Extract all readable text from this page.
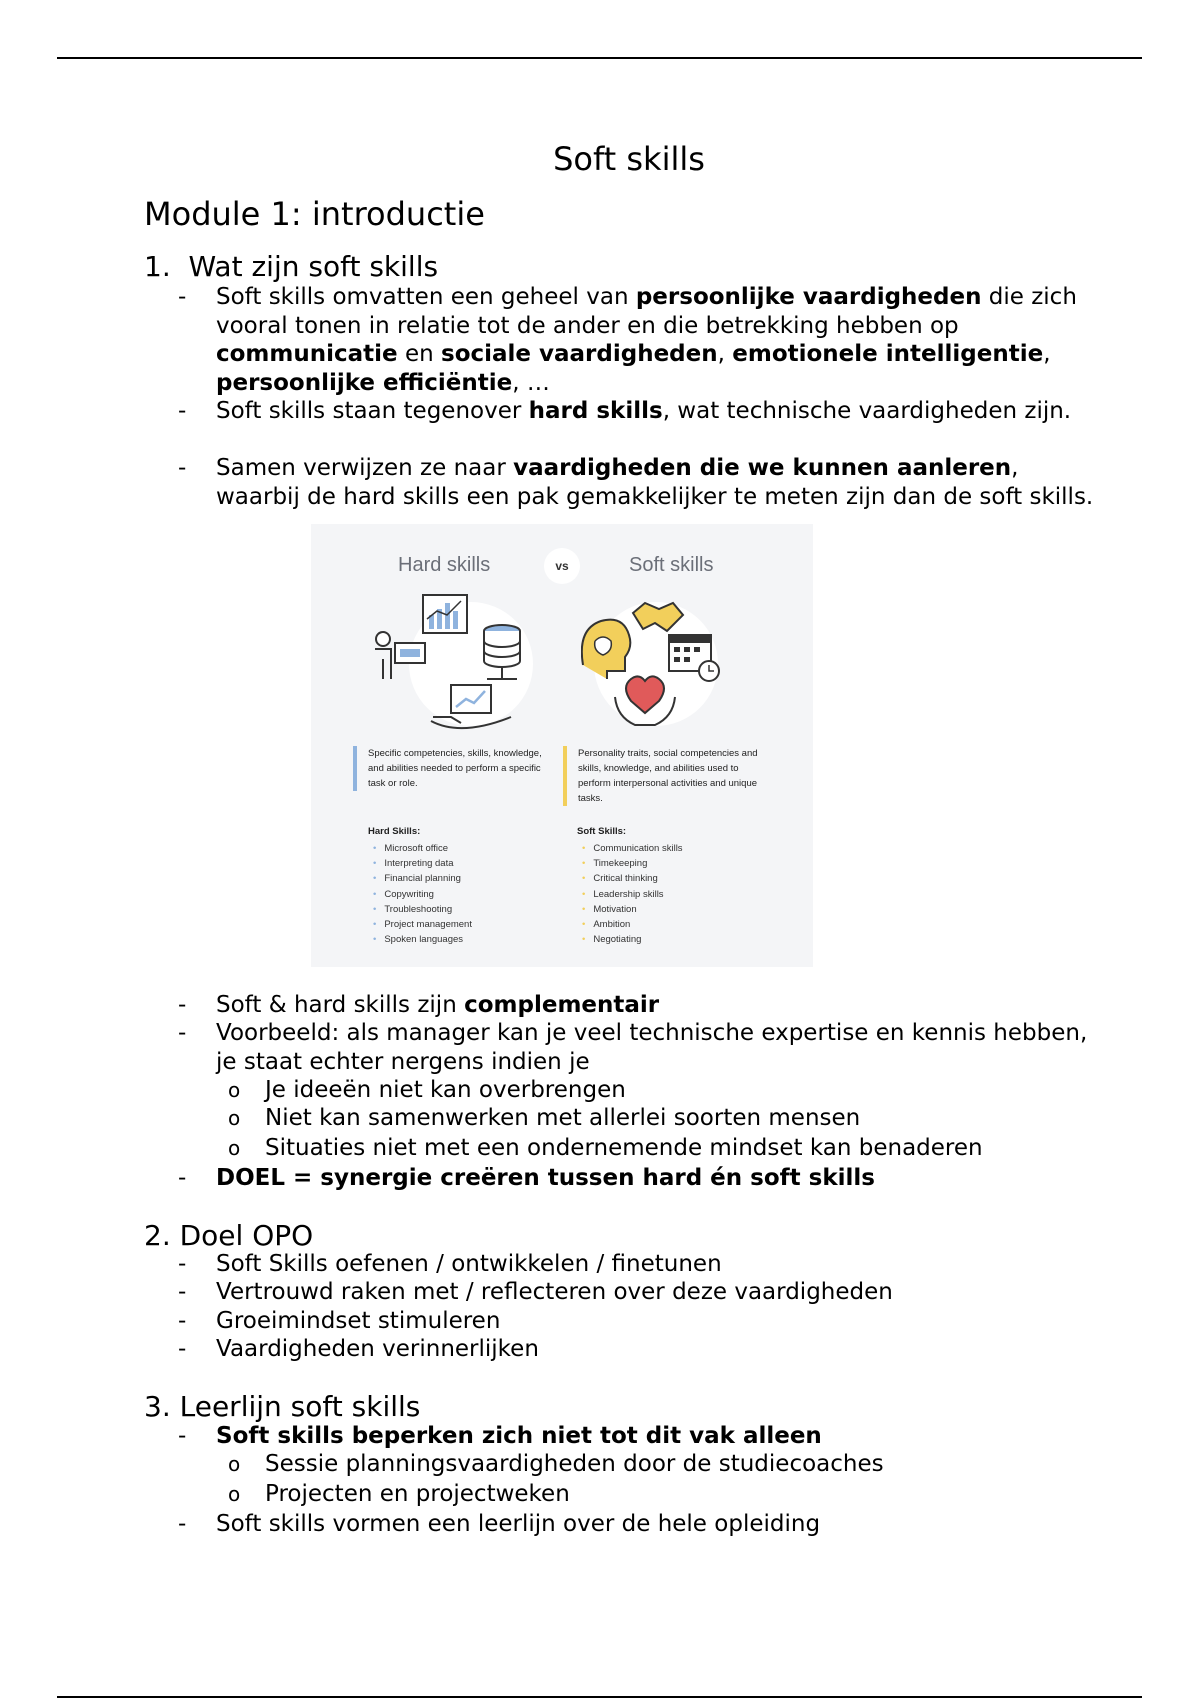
Soft skills
Module 1: introductie
1. Wat zijn soft skills
- Soft skills omvatten een geheel van persoonlijke vaardigheden die zich vooral tonen in relatie tot de ander en die betrekking hebben op communicatie en sociale vaardigheden, emotionele intelligentie, persoonlijke efficiëntie, …
- Soft skills staan tegenover hard skills, wat technische vaardigheden zijn.
- Samen verwijzen ze naar vaardigheden die we kunnen aanleren, waarbij de hard skills een pak gemakkelijker te meten zijn dan de soft skills.
Hard skills	vs	Soft skills
Specific competencies, skills, knowledge, and abilities needed to perform a specific task or role.
Personality traits, social competencies and skills, knowledge, and abilities used to perform interpersonal activities and unique tasks.
Hard Skills:	Soft Skills:
• Microsoft office
• Interpreting data
• Financial planning
• Copywriting
• Troubleshooting
• Project management
• Spoken languages
• Communication skills
• Timekeeping
• Critical thinking
• Leadership skills
• Motivation
• Ambition
• Negotiating
- Soft & hard skills zijn complementair
- Voorbeeld: als manager kan je veel technische expertise en kennis hebben, je staat echter nergens indien je
o Je ideeën niet kan overbrengen
o Niet kan samenwerken met allerlei soorten mensen
o Situaties niet met een ondernemende mindset kan benaderen
- DOEL = synergie creëren tussen hard én soft skills
2. Doel OPO
- Soft Skills oefenen / ontwikkelen / finetunen
- Vertrouwd raken met / reflecteren over deze vaardigheden
- Groeimindset stimuleren
- Vaardigheden verinnerlijken
3. Leerlijn soft skills
- Soft skills beperken zich niet tot dit vak alleen
o Sessie planningsvaardigheden door de studiecoaches
o Projecten en projectweken
- Soft skills vormen een leerlijn over de hele opleiding
